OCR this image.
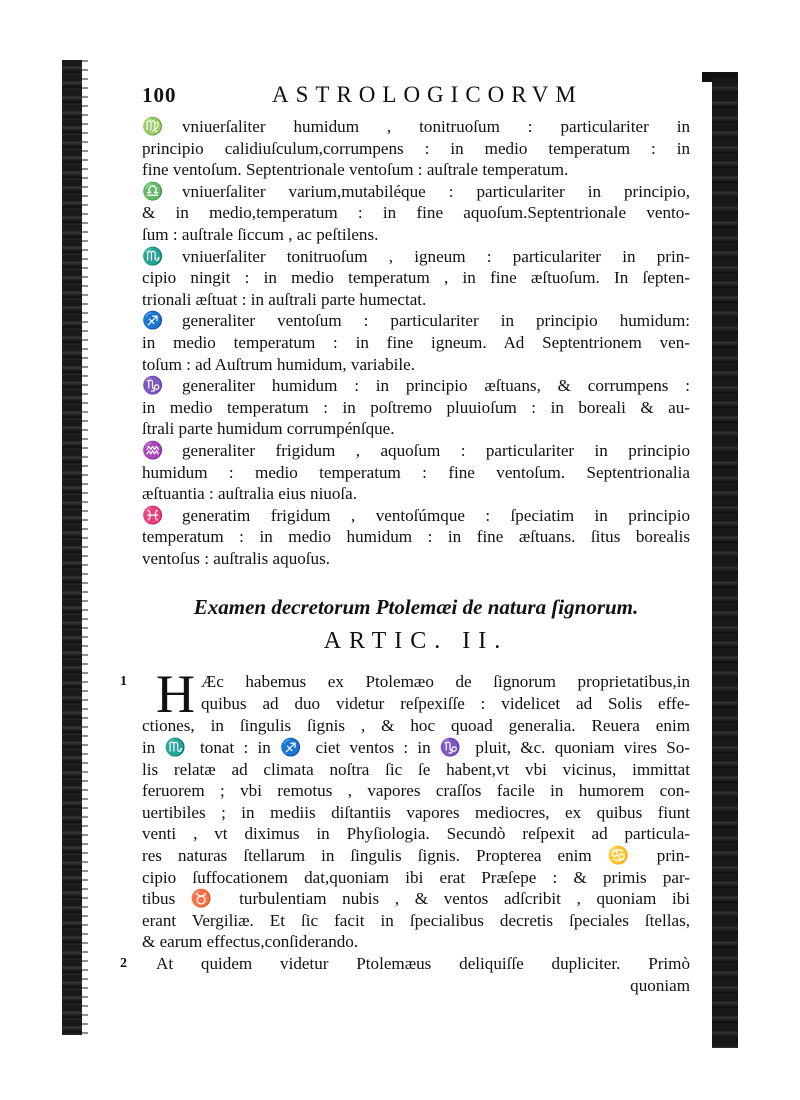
100	ASTROLOGICORVM
♍ vniuerſaliter humidum , tonitruoſum : particulariter in
principio calidiuſculum,corrumpens : in medio temperatum : in
fine ventoſum. Septentrionale ventoſum : auſtrale temperatum.
♎ vniuerſaliter varium,mutabiléque : particulariter in principio,
& in medio,temperatum : in fine aquoſum.Septentrionale vento-
ſum : auſtrale ſiccum , ac peſtilens.
♏ vniuerſaliter tonitruoſum , igneum : particulariter in prin-
cipio ningit : in medio temperatum , in fine æſtuoſum. In ſepten-
trionali æſtuat : in auſtrali parte humectat.
♐ generaliter ventoſum : particulariter in principio humidum:
in medio temperatum : in fine igneum. Ad Septentrionem ven-
toſum : ad Auſtrum humidum, variabile.
♑ generaliter humidum : in principio æſtuans, & corrumpens :
in medio temperatum : in poſtremo pluuioſum : in boreali & au-
ſtrali parte humidum corrumpénſque.
♒ generaliter frigidum , aquoſum : particulariter in principio
humidum : medio temperatum : fine ventoſum. Septentrionalia
æſtuantia : auſtralia eius niuoſa.
♓ generatim frigidum , ventoſúmque : ſpeciatim in principio
temperatum : in medio humidum : in fine æſtuans. ſitus borealis
ventoſus : auſtralis aquoſus.
Examen decretorum Ptolemæi de natura ſignorum.
ARTIC. II.
1 H Æc habemus ex Ptolemæo de ſignorum proprietatibus,in
quibus ad duo videtur reſpexiſſe : videlicet ad Solis effe-
ctiones, in ſingulis ſignis , & hoc quoad generalia. Reuera enim
in ♏ tonat : in ♐ ciet ventos : in ♑ pluit, &c. quoniam vires So-
lis relatæ ad climata noſtra ſic ſe habent,vt vbi vicinus, immittat
feruorem ; vbi remotus , vapores craſſos facile in humorem con-
uertibiles ; in mediis diſtantiis vapores mediocres, ex quibus fiunt
venti , vt diximus in Phyſiologia. Secundò reſpexit ad particula-
res naturas ſtellarum in ſingulis ſignis. Propterea enim ♋ prin-
cipio ſuffocationem dat,quoniam ibi erat Præſepe : & primis par-
tibus ♉ turbulentiam nubis , & ventos adſcribit , quoniam ibi
erant Vergiliæ. Et ſic facit in ſpecialibus decretis ſpeciales ſtellas,
& earum effectus,conſiderando.
2	At quidem videtur Ptolemæus deliquiſſe dupliciter. Primò
quoniam
